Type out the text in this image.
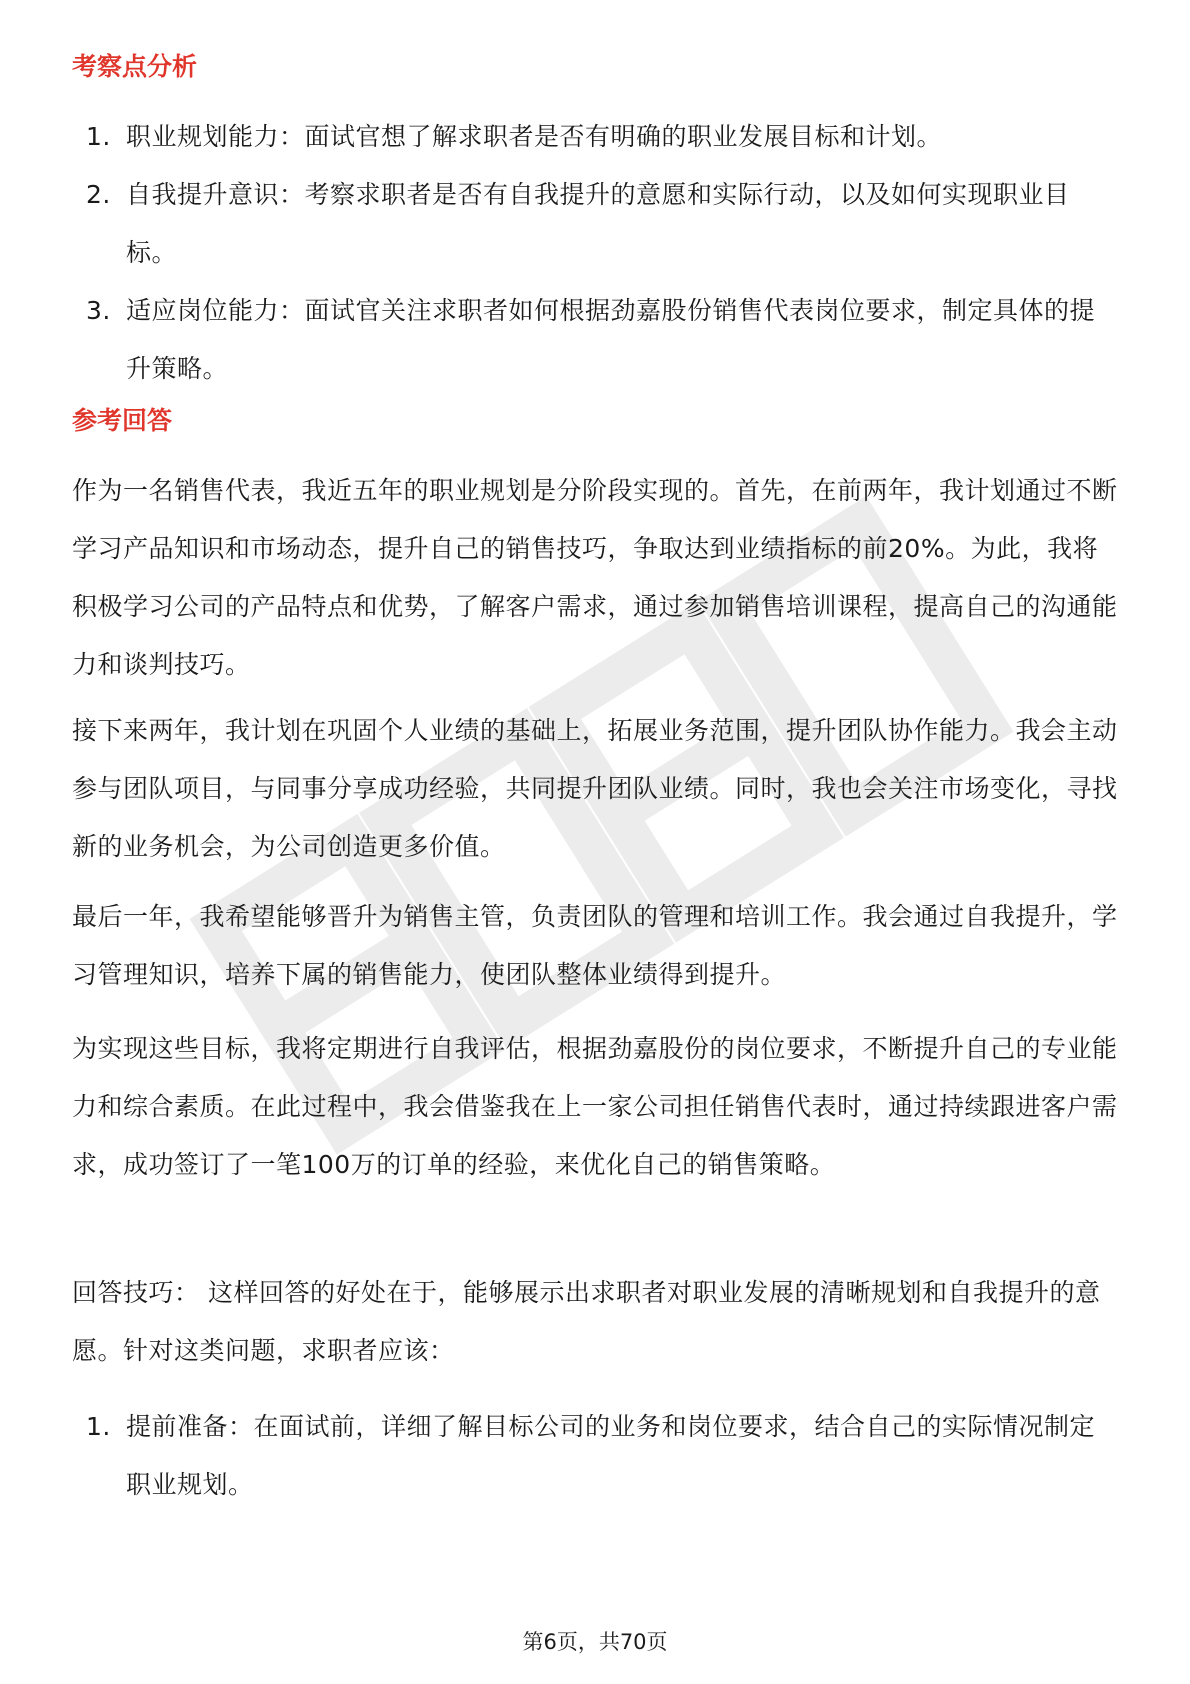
考察点分析
1. 职业规划能力：面试官想了解求职者是否有明确的职业发展目标和计划。
2. 自我提升意识：考察求职者是否有自我提升的意愿和实际行动，以及如何实现职业目标。
3. 适应岗位能力：面试官关注求职者如何根据劲嘉股份销售代表岗位要求，制定具体的提升策略。
参考回答

作为一名销售代表，我近五年的职业规划是分阶段实现的。首先，在前两年，我计划通过不断学习产品知识和市场动态，提升自己的销售技巧，争取达到业绩指标的前20%。为此，我将积极学习公司的产品特点和优势，了解客户需求，通过参加销售培训课程，提高自己的沟通能力和谈判技巧。

接下来两年，我计划在巩固个人业绩的基础上，拓展业务范围，提升团队协作能力。我会主动参与团队项目，与同事分享成功经验，共同提升团队业绩。同时，我也会关注市场变化，寻找新的业务机会，为公司创造更多价值。

最后一年，我希望能够晋升为销售主管，负责团队的管理和培训工作。我会通过自我提升，学习管理知识，培养下属的销售能力，使团队整体业绩得到提升。

为实现这些目标，我将定期进行自我评估，根据劲嘉股份的岗位要求，不断提升自己的专业能力和综合素质。在此过程中，我会借鉴我在上一家公司担任销售代表时，通过持续跟进客户需求，成功签订了一笔100万的订单的经验，来优化自己的销售策略。

回答技巧： 这样回答的好处在于，能够展示出求职者对职业发展的清晰规划和自我提升的意愿。针对这类问题，求职者应该：

1. 提前准备：在面试前，详细了解目标公司的业务和岗位要求，结合自己的实际情况制定职业规划。
第6页，共70页
